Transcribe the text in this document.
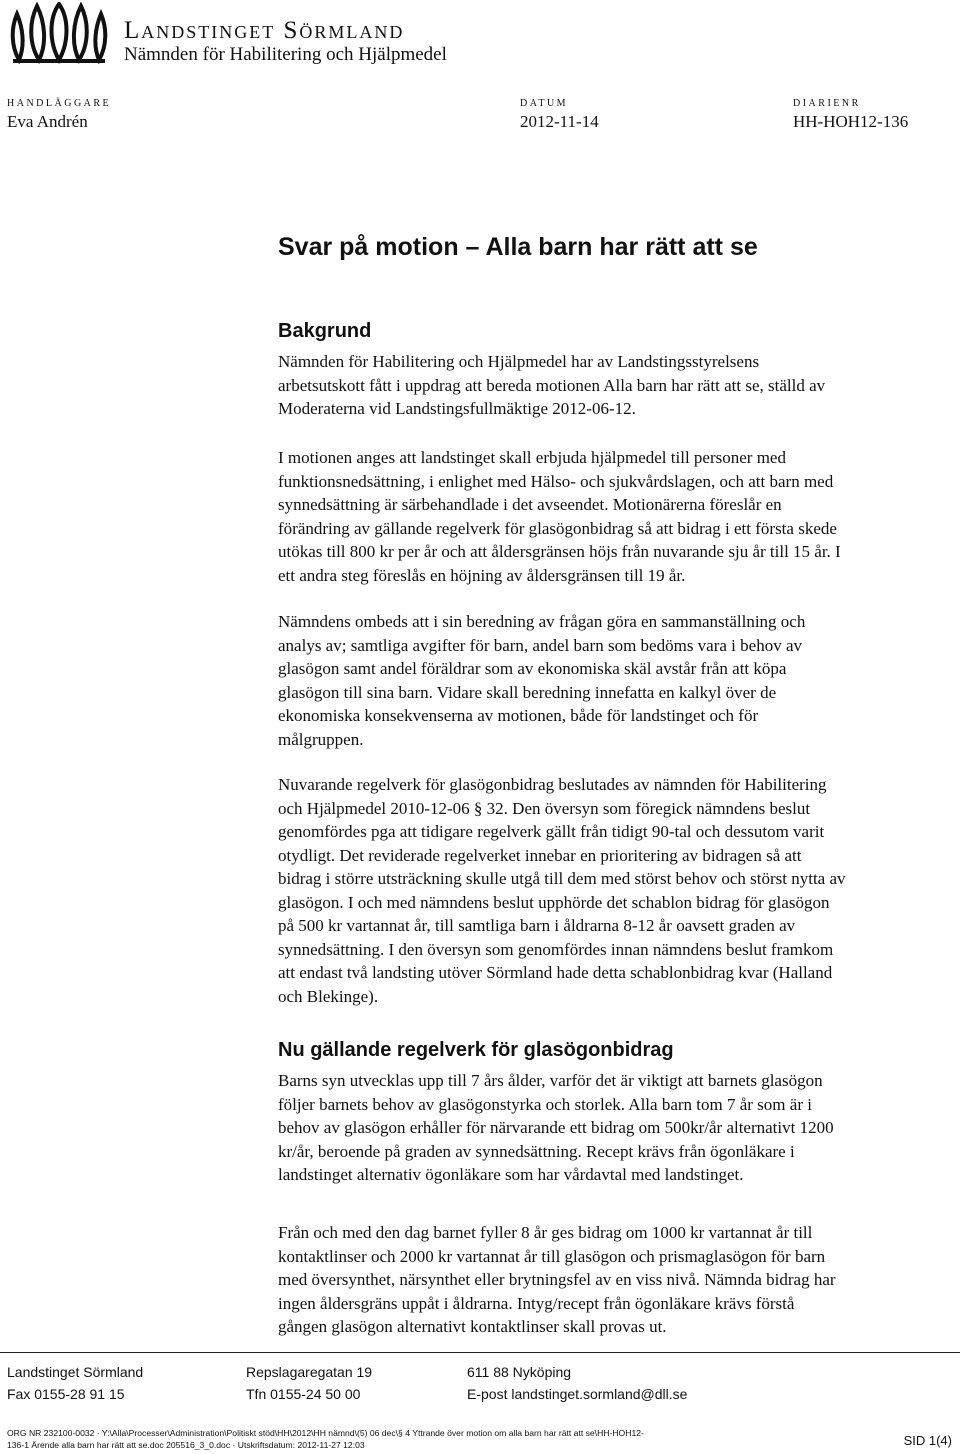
Landstinget Sörmland
Nämnden för Habilitering och Hjälpmedel
HANDLÄGGARE
Eva Andrén
DATUM
2012-11-14
DIARIENR
HH-HOH12-136
Svar på motion – Alla barn har rätt att se
Bakgrund
Nämnden för Habilitering och Hjälpmedel har av Landstingsstyrelsens
arbetsutskott fått i uppdrag att bereda motionen Alla barn har rätt att se, ställd av
Moderaterna vid Landstingsfullmäktige 2012-06-12.
I motionen anges att landstinget skall erbjuda hjälpmedel till personer med
funktionsnedsättning, i enlighet med Hälso- och sjukvårdslagen, och att barn med
synnedsättning är särbehandlade i det avseendet. Motionärerna föreslår en
förändring av gällande regelverk för glasögonbidrag så att bidrag i ett första skede
utökas till 800 kr per år och att åldersgränsen höjs från nuvarande sju år till 15 år. I
ett andra steg föreslås en höjning av åldersgränsen till 19 år.
Nämndens ombeds att i sin beredning av frågan göra en sammanställning och
analys av; samtliga avgifter för barn, andel barn som bedöms vara i behov av
glasögon samt andel föräldrar som av ekonomiska skäl avstår från att köpa
glasögon till sina barn. Vidare skall beredning innefatta en kalkyl över de
ekonomiska konsekvenserna av motionen, både för landstinget och för
målgruppen.
Nuvarande regelverk för glasögonbidrag beslutades av nämnden för Habilitering
och Hjälpmedel 2010-12-06 § 32. Den översyn som föregick nämndens beslut
genomfördes pga att tidigare regelverk gällt från tidigt 90-tal och dessutom varit
otydligt. Det reviderade regelverket innebar en prioritering av bidragen så att
bidrag i större utsträckning skulle utgå till dem med störst behov och störst nytta av
glasögon. I och med nämndens beslut upphörde det schablon bidrag för glasögon
på 500 kr vartannat år, till samtliga barn i åldrarna 8-12 år oavsett graden av
synnedsättning. I den översyn som genomfördes innan nämndens beslut framkom
att endast två landsting utöver Sörmland hade detta schablonbidrag kvar (Halland
och Blekinge).
Nu gällande regelverk för glasögonbidrag
Barns syn utvecklas upp till 7 års ålder, varför det är viktigt att barnets glasögon
följer barnets behov av glasögonstyrka och storlek. Alla barn tom 7 år som är i
behov av glasögon erhåller för närvarande ett bidrag om 500kr/år alternativt 1200
kr/år, beroende på graden av synnedsättning. Recept krävs från ögonläkare i
landstinget alternativ ögonläkare som har vårdavtal med landstinget.
Från och med den dag barnet fyller 8 år ges bidrag om 1000 kr vartannat år till
kontaktlinser och 2000 kr vartannat år till glasögon och prismaglasögon för barn
med översynthet, närsynthet eller brytningsfel av en viss nivå. Nämnda bidrag har
ingen åldersgräns uppåt i åldrarna. Intyg/recept från ögonläkare krävs förstå
gången glasögon alternativt kontaktlinser skall provas ut.
Landstinget Sörmland	Repslagaregatan 19	611 88 Nyköping
Fax 0155-28 91 15	Tfn 0155-24 50 00	E-post landstinget.sormland@dll.se
ORG NR 232100-0032 · Y:\Alla\Processer\Administration\Politiskt stöd\HH\2012\HH nämnd\(5) 06 dec\§ 4 Yttrande över motion om alla barn har rätt att se\HH-HOH12-
136-1 Ärende alla barn har rätt att se.doc 205516_3_0.doc · Utskriftsdatum: 2012-11-27 12:03	SID 1(4)
